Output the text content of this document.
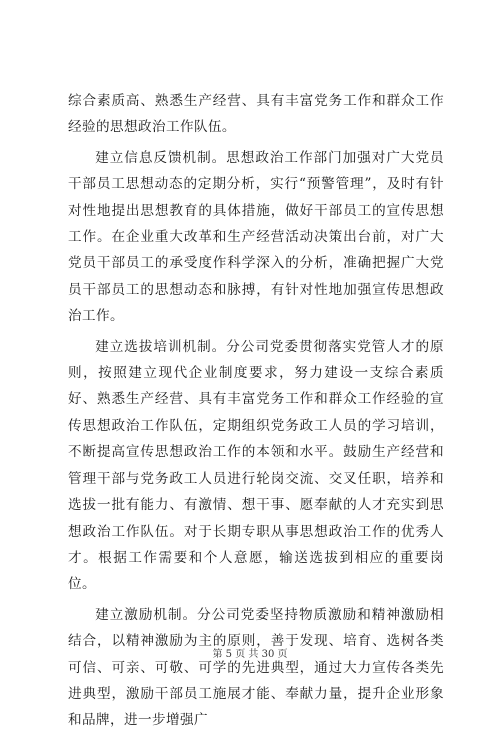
综合素质高、熟悉生产经营、具有丰富党务工作和群众工作经验的思想政治工作队伍。

建立信息反馈机制。思想政治工作部门加强对广大党员干部员工思想动态的定期分析，实行“预警管理”，及时有针对性地提出思想教育的具体措施，做好干部员工的宣传思想工作。在企业重大改革和生产经营活动决策出台前，对广大党员干部员工的承受度作科学深入的分析，准确把握广大党员干部员工的思想动态和脉搏，有针对性地加强宣传思想政治工作。

建立选拔培训机制。分公司党委贯彻落实党管人才的原则，按照建立现代企业制度要求，努力建设一支综合素质好、熟悉生产经营、具有丰富党务工作和群众工作经验的宣传思想政治工作队伍，定期组织党务政工人员的学习培训，不断提高宣传思想政治工作的本领和水平。鼓励生产经营和管理干部与党务政工人员进行轮岗交流、交叉任职，培养和选拔一批有能力、有激情、想干事、愿奉献的人才充实到思想政治工作队伍。对于长期专职从事思想政治工作的优秀人才。根据工作需要和个人意愿，输送选拔到相应的重要岗位。

建立激励机制。分公司党委坚持物质激励和精神激励相结合，以精神激励为主的原则，善于发现、培育、选树各类可信、可亲、可敬、可学的先进典型，通过大力宣传各类先进典型，激励干部员工施展才能、奉献力量，提升企业形象和品牌，进一步增强广

第 5 页 共 30 页
